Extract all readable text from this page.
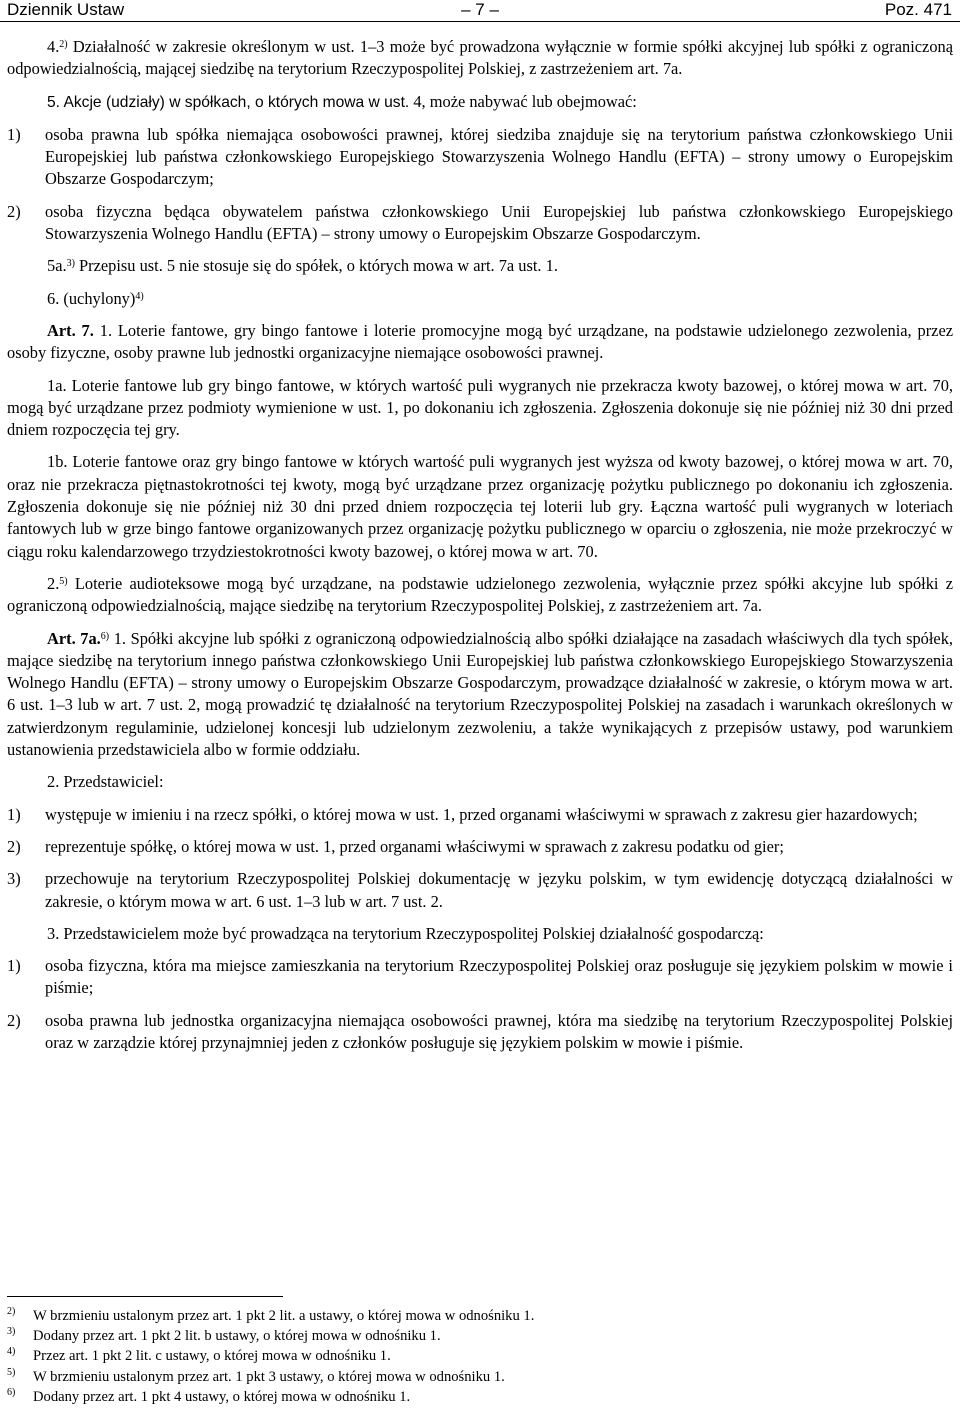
Dziennik Ustaw	– 7 –	Poz. 471

4.$^{2)}$ Działalność w zakresie określonym w ust. 1–3 może być prowadzona wyłącznie w formie spółki akcyjnej lub spółki z ograniczoną odpowiedzialnością, mającej siedzibę na terytorium Rzeczypospolitej Polskiej, z zastrzeżeniem art. 7a.

5. Akcje (udziały) w spółkach, o których mowa w ust. 4, może nabywać lub obejmować:

1)	osoba prawna lub spółka niemająca osobowości prawnej, której siedziba znajduje się na terytorium państwa członkowskiego Unii Europejskiej lub państwa członkowskiego Europejskiego Stowarzyszenia Wolnego Handlu (EFTA) – strony umowy o Europejskim Obszarze Gospodarczym;
2)	osoba fizyczna będąca obywatelem państwa członkowskiego Unii Europejskiej lub państwa członkowskiego Europejskiego Stowarzyszenia Wolnego Handlu (EFTA) – strony umowy o Europejskim Obszarze Gospodarczym.

5a.$^{3)}$ Przepisu ust. 5 nie stosuje się do spółek, o których mowa w art. 7a ust. 1.

6. (uchylony)$^{4)}$

Art. 7. 1. Loterie fantowe, gry bingo fantowe i loterie promocyjne mogą być urządzane, na podstawie udzielonego zezwolenia, przez osoby fizyczne, osoby prawne lub jednostki organizacyjne niemające osobowości prawnej.

1a. Loterie fantowe lub gry bingo fantowe, w których wartość puli wygranych nie przekracza kwoty bazowej, o której mowa w art. 70, mogą być urządzane przez podmioty wymienione w ust. 1, po dokonaniu ich zgłoszenia. Zgłoszenia dokonuje się nie później niż 30 dni przed dniem rozpoczęcia tej gry.

1b. Loterie fantowe oraz gry bingo fantowe w których wartość puli wygranych jest wyższa od kwoty bazowej, o której mowa w art. 70, oraz nie przekracza piętnastokrotności tej kwoty, mogą być urządzane przez organizację pożytku publicznego po dokonaniu ich zgłoszenia. Zgłoszenia dokonuje się nie później niż 30 dni przed dniem rozpoczęcia tej loterii lub gry. Łączna wartość puli wygranych w loteriach fantowych lub w grze bingo fantowe organizowanych przez organizację pożytku publicznego w oparciu o zgłoszenia, nie może przekroczyć w ciągu roku kalendarzowego trzydziestokrotności kwoty bazowej, o której mowa w art. 70.

2.$^{5)}$ Loterie audioteksowe mogą być urządzane, na podstawie udzielonego zezwolenia, wyłącznie przez spółki akcyjne lub spółki z ograniczoną odpowiedzialnością, mające siedzibę na terytorium Rzeczypospolitej Polskiej, z zastrzeżeniem art. 7a.

Art. 7a.$^{6)}$ 1. Spółki akcyjne lub spółki z ograniczoną odpowiedzialnością albo spółki działające na zasadach właściwych dla tych spółek, mające siedzibę na terytorium innego państwa członkowskiego Unii Europejskiej lub państwa członkowskiego Europejskiego Stowarzyszenia Wolnego Handlu (EFTA) – strony umowy o Europejskim Obszarze Gospodarczym, prowadzące działalność w zakresie, o którym mowa w art. 6 ust. 1–3 lub w art. 7 ust. 2, mogą prowadzić tę działalność na terytorium Rzeczypospolitej Polskiej na zasadach i warunkach określonych w zatwierdzonym regulaminie, udzielonej koncesji lub udzielonym zezwoleniu, a także wynikających z przepisów ustawy, pod warunkiem ustanowienia przedstawiciela albo w formie oddziału.

2. Przedstawiciel:

1)	występuje w imieniu i na rzecz spółki, o której mowa w ust. 1, przed organami właściwymi w sprawach z zakresu gier hazardowych;
2)	reprezentuje spółkę, o której mowa w ust. 1, przed organami właściwymi w sprawach z zakresu podatku od gier;
3)	przechowuje na terytorium Rzeczypospolitej Polskiej dokumentację w języku polskim, w tym ewidencję dotyczącą działalności w zakresie, o którym mowa w art. 6 ust. 1–3 lub w art. 7 ust. 2.

3. Przedstawicielem może być prowadząca na terytorium Rzeczypospolitej Polskiej działalność gospodarczą:

1)	osoba fizyczna, która ma miejsce zamieszkania na terytorium Rzeczypospolitej Polskiej oraz posługuje się językiem polskim w mowie i piśmie;
2)	osoba prawna lub jednostka organizacyjna niemająca osobowości prawnej, która ma siedzibę na terytorium Rzeczypospolitej Polskiej oraz w zarządzie której przynajmniej jeden z członków posługuje się językiem polskim w mowie i piśmie.
2)	W brzmieniu ustalonym przez art. 1 pkt 2 lit. a ustawy, o której mowa w odnośniku 1.
3)	Dodany przez art. 1 pkt 2 lit. b ustawy, o której mowa w odnośniku 1.
4)	Przez art. 1 pkt 2 lit. c ustawy, o której mowa w odnośniku 1.
5)	W brzmieniu ustalonym przez art. 1 pkt 3 ustawy, o której mowa w odnośniku 1.
6)	Dodany przez art. 1 pkt 4 ustawy, o której mowa w odnośniku 1.
